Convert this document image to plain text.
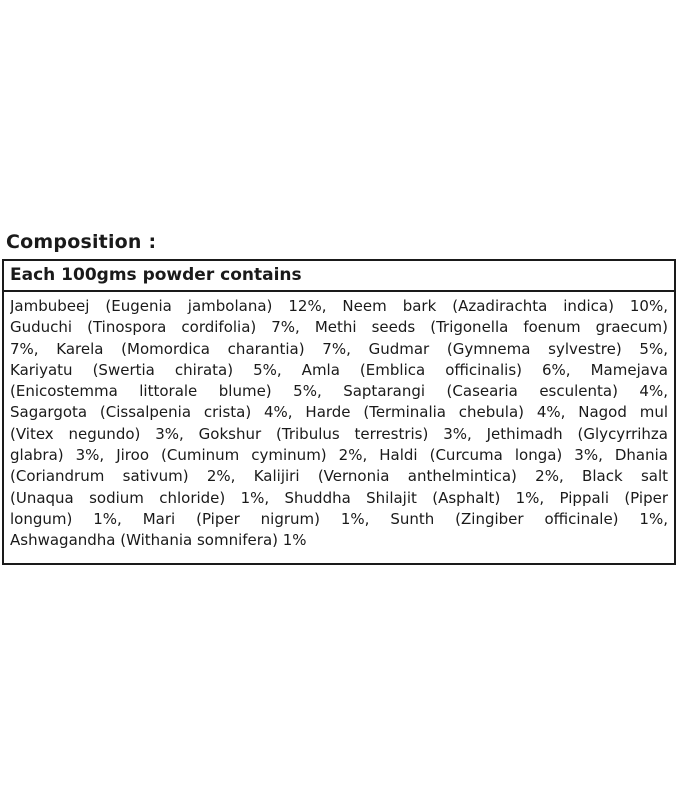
Composition :
Each 100gms powder contains
Jambubeej (Eugenia jambolana) 12%, Neem bark (Azadirachta indica) 10%,
Guduchi (Tinospora cordifolia) 7%, Methi seeds (Trigonella foenum graecum)
7%, Karela (Momordica charantia) 7%, Gudmar (Gymnema sylvestre) 5%,
Kariyatu (Swertia chirata) 5%, Amla (Emblica officinalis) 6%, Mamejava
(Enicostemma littorale blume) 5%, Saptarangi (Casearia esculenta) 4%,
Sagargota (Cissalpenia crista) 4%, Harde (Terminalia chebula) 4%, Nagod mul
(Vitex negundo) 3%, Gokshur (Tribulus terrestris) 3%, Jethimadh (Glycyrrihza
glabra) 3%, Jiroo (Cuminum cyminum) 2%, Haldi (Curcuma longa) 3%, Dhania
(Coriandrum sativum) 2%, Kalijiri (Vernonia anthelmintica) 2%, Black salt
(Unaqua sodium chloride) 1%, Shuddha Shilajit (Asphalt) 1%, Pippali (Piper
longum) 1%, Mari (Piper nigrum) 1%, Sunth (Zingiber officinale) 1%,
Ashwagandha (Withania somnifera) 1%
